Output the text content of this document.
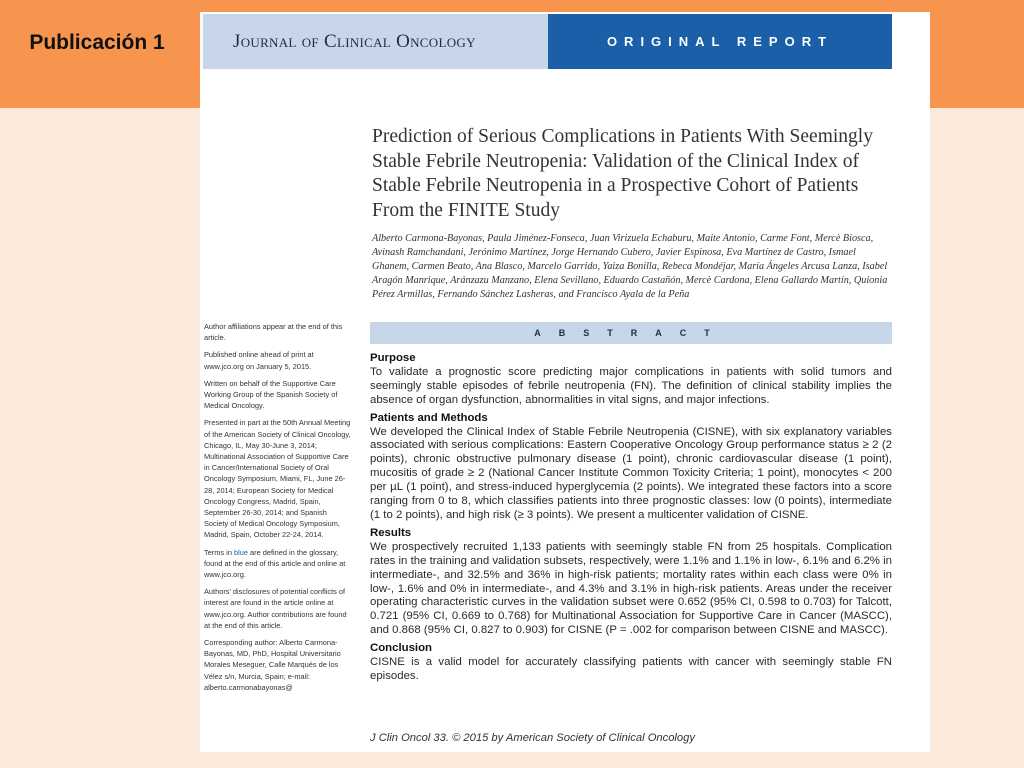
Publicación 1	Journal of Clinical Oncology	ORIGINAL REPORT
Prediction of Serious Complications in Patients With Seemingly Stable Febrile Neutropenia: Validation of the Clinical Index of Stable Febrile Neutropenia in a Prospective Cohort of Patients From the FINITE Study
Alberto Carmona-Bayonas, Paula Jiménez-Fonseca, Juan Virizuela Echaburu, Maite Antonio, Carme Font, Mercè Biosca, Avinash Ramchandani, Jerónimo Martínez, Jorge Hernando Cubero, Javier Espinosa, Eva Martínez de Castro, Ismael Ghanem, Carmen Beato, Ana Blasco, Marcelo Garrido, Yaiza Bonilla, Rebeca Mondéjar, María Ángeles Arcusa Lanza, Isabel Aragón Manrique, Aránzazu Manzano, Elena Sevillano, Eduardo Castañón, Mercè Cardona, Elena Gallardo Martín, Quionia Pérez Armillas, Fernando Sánchez Lasheras, and Francisco Ayala de la Peña

Author affiliations appear at the end of this article.

Published online ahead of print at www.jco.org on January 5, 2015.

Written on behalf of the Supportive Care Working Group of the Spanish Society of Medical Oncology.

Presented in part at the 50th Annual Meeting of the American Society of Clinical Oncology, Chicago, IL, May 30-June 3, 2014; Multinational Association of Supportive Care in Cancer/International Society of Oral Oncology Symposium, Miami, FL, June 26-28, 2014; European Society for Medical Oncology Congress, Madrid, Spain, September 26-30, 2014; and Spanish Society of Medical Oncology Symposium, Madrid, Spain, October 22-24, 2014.

Terms in blue are defined in the glossary, found at the end of this article and online at www.jco.org.

Authors' disclosures of potential conflicts of interest are found in the article online at www.jco.org. Author contributions are found at the end of this article.

Corresponding author: Alberto Carmona-Bayonas, MD, PhD, Hospital Universitario Morales Meseguer, Calle Marqués de los Vélez s/n, Murcia, Spain; e-mail: alberto.carmonabayonas@

ABSTRACT

Purpose

To validate a prognostic score predicting major complications in patients with solid tumors and seemingly stable episodes of febrile neutropenia (FN). The definition of clinical stability implies the absence of organ dysfunction, abnormalities in vital signs, and major infections.

Patients and Methods

We developed the Clinical Index of Stable Febrile Neutropenia (CISNE), with six explanatory variables associated with serious complications: Eastern Cooperative Oncology Group performance status ≥ 2 (2 points), chronic obstructive pulmonary disease (1 point), chronic cardiovascular disease (1 point), mucositis of grade ≥ 2 (National Cancer Institute Common Toxicity Criteria; 1 point), monocytes < 200 per µL (1 point), and stress-induced hyperglycemia (2 points). We integrated these factors into a score ranging from 0 to 8, which classifies patients into three prognostic classes: low (0 points), intermediate (1 to 2 points), and high risk (≥ 3 points). We present a multicenter validation of CISNE.

Results

We prospectively recruited 1,133 patients with seemingly stable FN from 25 hospitals. Complication rates in the training and validation subsets, respectively, were 1.1% and 1.1% in low-, 6.1% and 6.2% in intermediate-, and 32.5% and 36% in high-risk patients; mortality rates within each class were 0% in low-, 1.6% and 0% in intermediate-, and 4.3% and 3.1% in high-risk patients. Areas under the receiver operating characteristic curves in the validation subset were 0.652 (95% CI, 0.598 to 0.703) for Talcott, 0.721 (95% CI, 0.669 to 0.768) for Multinational Association for Supportive Care in Cancer (MASCC), and 0.868 (95% CI, 0.827 to 0.903) for CISNE (P = .002 for comparison between CISNE and MASCC).

Conclusion

CISNE is a valid model for accurately classifying patients with cancer with seemingly stable FN episodes.

J Clin Oncol 33. © 2015 by American Society of Clinical Oncology
